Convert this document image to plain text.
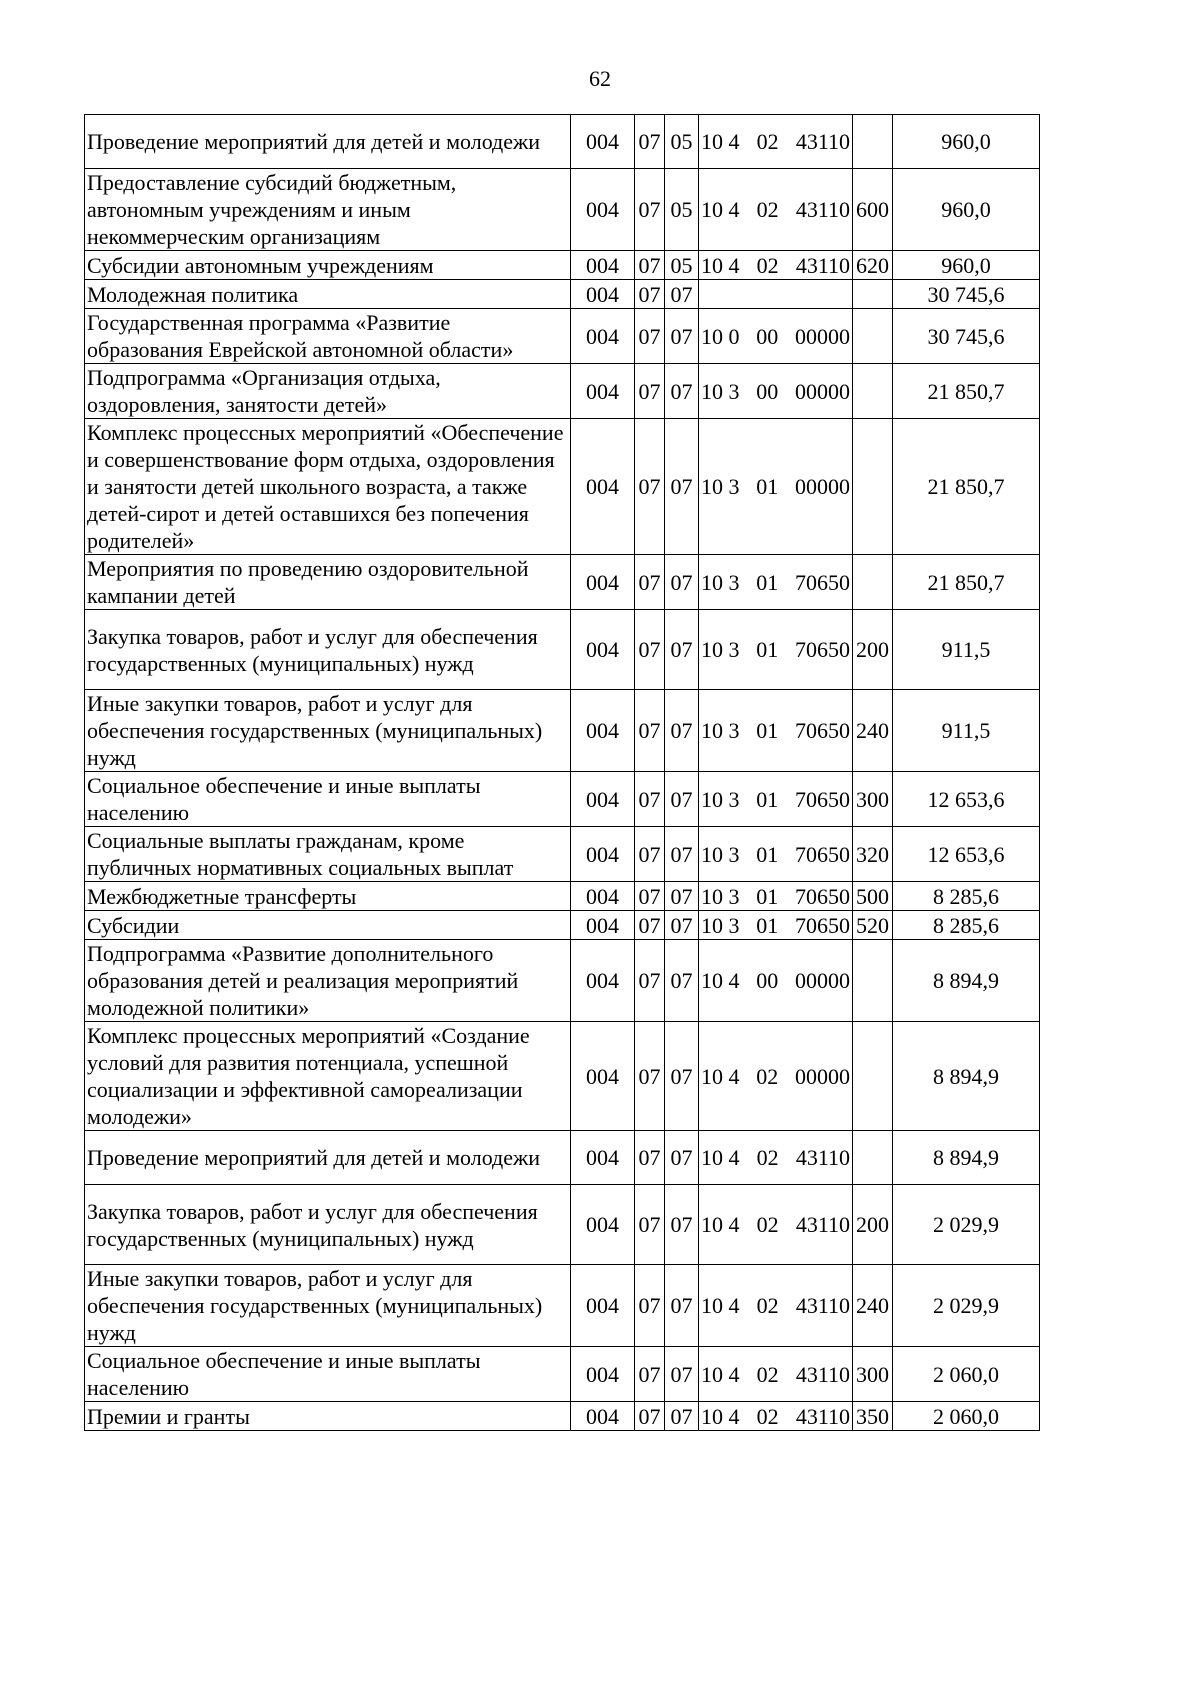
62
Проведение мероприятий для детей и молодежи	004	07	05	10 4 02 43110		960,0
Предоставление субсидий бюджетным, автономным учреждениям и иным некоммерческим организациям	004	07	05	10 4 02 43110	600	960,0
Субсидии автономным учреждениям	004	07	05	10 4 02 43110	620	960,0
Молодежная политика	004	07	07			30 745,6
Государственная программа «Развитие образования Еврейской автономной области»	004	07	07	10 0 00 00000		30 745,6
Подпрограмма «Организация отдыха, оздоровления, занятости детей»	004	07	07	10 3 00 00000		21 850,7
Комплекс процессных мероприятий «Обеспечение и совершенствование форм отдыха, оздоровления и занятости детей школьного возраста, а также детей-сирот и детей оставшихся без попечения родителей»	004	07	07	10 3 01 00000		21 850,7
Мероприятия по проведению оздоровительной кампании детей	004	07	07	10 3 01 70650		21 850,7
Закупка товаров, работ и услуг для обеспечения государственных (муниципальных) нужд	004	07	07	10 3 01 70650	200	911,5
Иные закупки товаров, работ и услуг для обеспечения государственных (муниципальных) нужд	004	07	07	10 3 01 70650	240	911,5
Социальное обеспечение и иные выплаты населению	004	07	07	10 3 01 70650	300	12 653,6
Социальные выплаты гражданам, кроме публичных нормативных социальных выплат	004	07	07	10 3 01 70650	320	12 653,6
Межбюджетные трансферты	004	07	07	10 3 01 70650	500	8 285,6
Субсидии	004	07	07	10 3 01 70650	520	8 285,6
Подпрограмма «Развитие дополнительного образования детей и реализация мероприятий молодежной политики»	004	07	07	10 4 00 00000		8 894,9
Комплекс процессных мероприятий «Создание условий для развития потенциала, успешной социализации и эффективной самореализации молодежи»	004	07	07	10 4 02 00000		8 894,9
Проведение мероприятий для детей и молодежи	004	07	07	10 4 02 43110		8 894,9
Закупка товаров, работ и услуг для обеспечения государственных (муниципальных) нужд	004	07	07	10 4 02 43110	200	2 029,9
Иные закупки товаров, работ и услуг для обеспечения государственных (муниципальных) нужд	004	07	07	10 4 02 43110	240	2 029,9
Социальное обеспечение и иные выплаты населению	004	07	07	10 4 02 43110	300	2 060,0
Премии и гранты	004	07	07	10 4 02 43110	350	2 060,0
